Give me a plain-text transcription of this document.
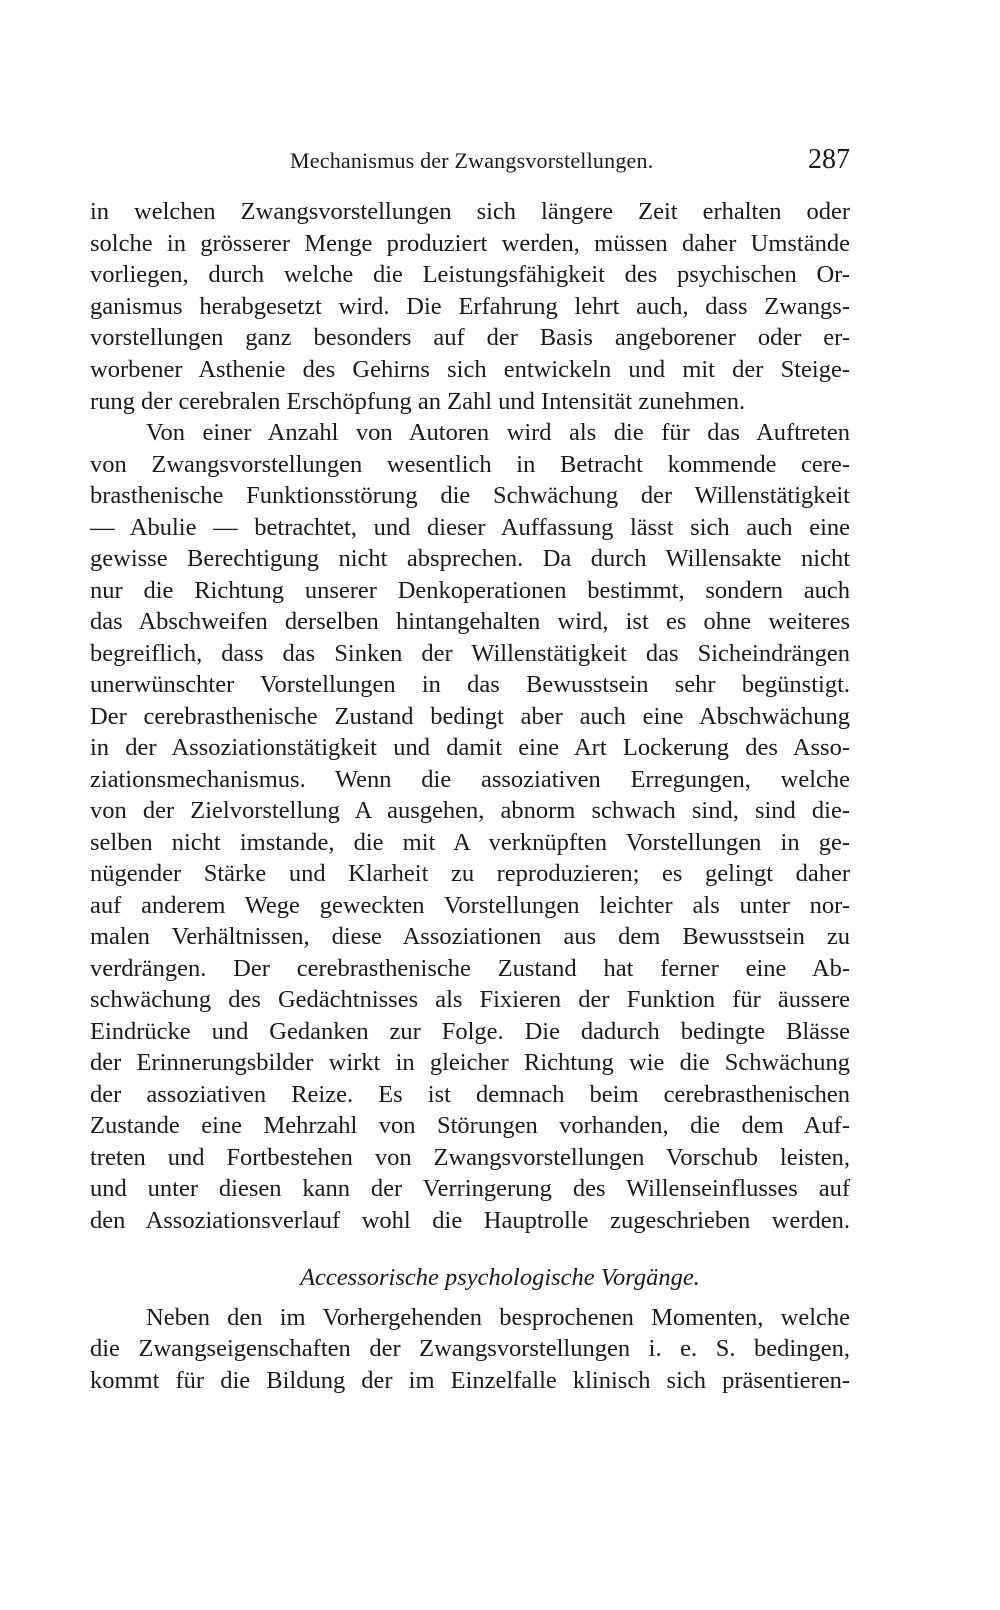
Mechanismus der Zwangsvorstellungen.	287
in welchen Zwangsvorstellungen sich längere Zeit erhalten oder
solche in grösserer Menge produziert werden, müssen daher Umstände
vorliegen, durch welche die Leistungsfähigkeit des psychischen Or-
ganismus herabgesetzt wird. Die Erfahrung lehrt auch, dass Zwangs-
vorstellungen ganz besonders auf der Basis angeborener oder er-
worbener Asthenie des Gehirns sich entwickeln und mit der Steige-
rung der cerebralen Erschöpfung an Zahl und Intensität zunehmen.
Von einer Anzahl von Autoren wird als die für das Auftreten
von Zwangsvorstellungen wesentlich in Betracht kommende cere-
brasthenische Funktionsstörung die Schwächung der Willenstätigkeit
— Abulie — betrachtet, und dieser Auffassung lässt sich auch eine
gewisse Berechtigung nicht absprechen. Da durch Willensakte nicht
nur die Richtung unserer Denkoperationen bestimmt, sondern auch
das Abschweifen derselben hintangehalten wird, ist es ohne weiteres
begreiflich, dass das Sinken der Willenstätigkeit das Sicheindrängen
unerwünschter Vorstellungen in das Bewusstsein sehr begünstigt.
Der cerebrasthenische Zustand bedingt aber auch eine Abschwächung
in der Assoziationstätigkeit und damit eine Art Lockerung des Asso-
ziationsmechanismus. Wenn die assoziativen Erregungen, welche
von der Zielvorstellung A ausgehen, abnorm schwach sind, sind die-
selben nicht imstande, die mit A verknüpften Vorstellungen in ge-
nügender Stärke und Klarheit zu reproduzieren; es gelingt daher
auf anderem Wege geweckten Vorstellungen leichter als unter nor-
malen Verhältnissen, diese Assoziationen aus dem Bewusstsein zu
verdrängen. Der cerebrasthenische Zustand hat ferner eine Ab-
schwächung des Gedächtnisses als Fixieren der Funktion für äussere
Eindrücke und Gedanken zur Folge. Die dadurch bedingte Blässe
der Erinnerungsbilder wirkt in gleicher Richtung wie die Schwächung
der assoziativen Reize. Es ist demnach beim cerebrasthenischen
Zustande eine Mehrzahl von Störungen vorhanden, die dem Auf-
treten und Fortbestehen von Zwangsvorstellungen Vorschub leisten,
und unter diesen kann der Verringerung des Willenseinflusses auf
den Assoziationsverlauf wohl die Hauptrolle zugeschrieben werden.
Accessorische psychologische Vorgänge.
Neben den im Vorhergehenden besprochenen Momenten, welche
die Zwangseigenschaften der Zwangsvorstellungen i. e. S. bedingen,
kommt für die Bildung der im Einzelfalle klinisch sich präsentieren-
